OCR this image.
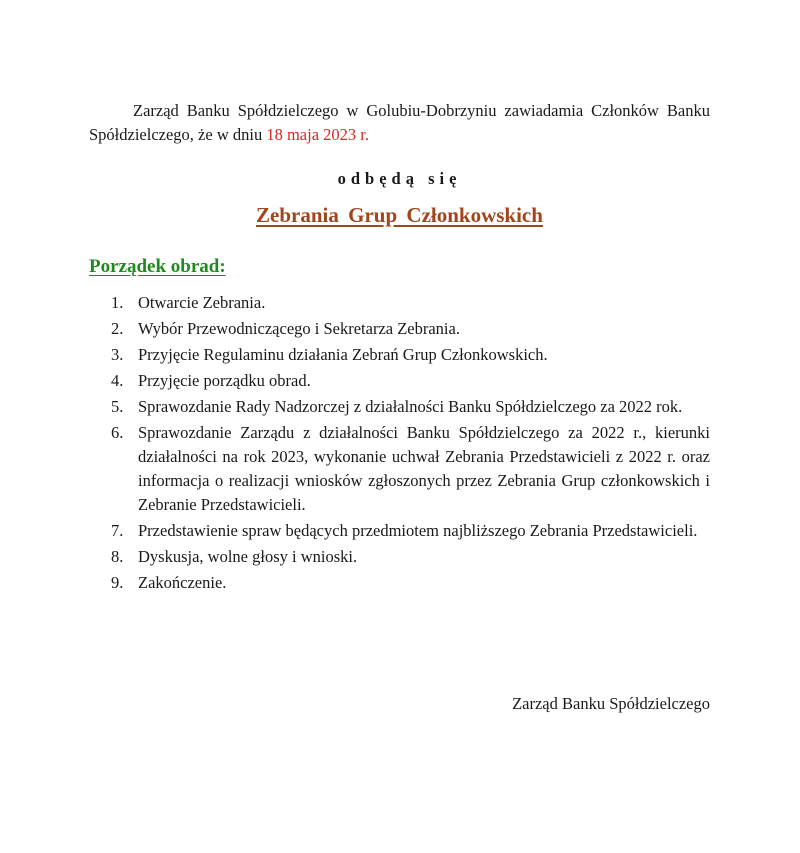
Zarząd Banku Spółdzielczego w Golubiu-Dobrzyniu zawiadamia Członków Banku Spółdzielczego, że w dniu 18 maja 2023 r.

odbędą się
Zebrania Grup Członkowskich
Porządek obrad:
1. Otwarcie Zebrania.
2. Wybór Przewodniczącego i Sekretarza Zebrania.
3. Przyjęcie Regulaminu działania Zebrań Grup Członkowskich.
4. Przyjęcie porządku obrad.
5. Sprawozdanie Rady Nadzorczej z działalności Banku Spółdzielczego za 2022 rok.
6. Sprawozdanie Zarządu z działalności Banku Spółdzielczego za 2022 r., kierunki działalności na rok 2023, wykonanie uchwał Zebrania Przedstawicieli z 2022 r. oraz informacja o realizacji wniosków zgłoszonych przez Zebrania Grup członkowskich i Zebranie Przedstawicieli.
7. Przedstawienie spraw będących przedmiotem najbliższego Zebrania Przedstawicieli.
8. Dyskusja, wolne głosy i wnioski.
9. Zakończenie.
Zarząd Banku Spółdzielczego
